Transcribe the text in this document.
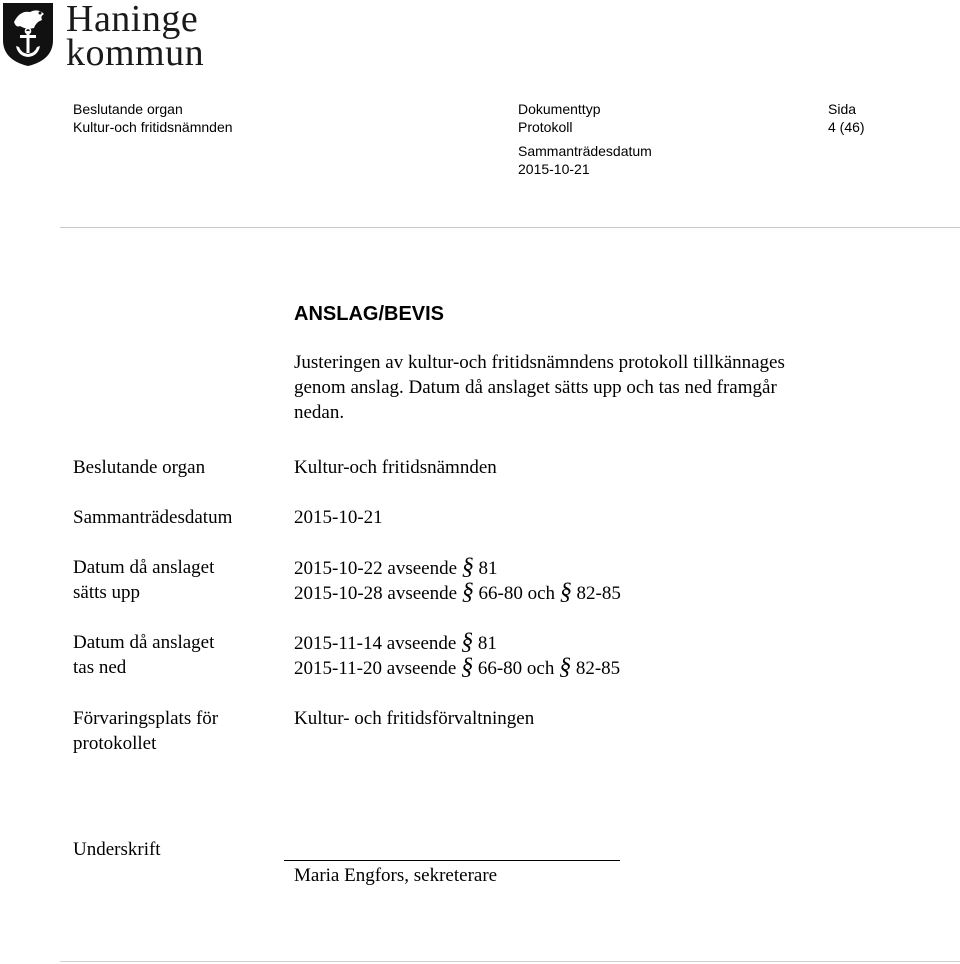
Haninge
kommun
Beslutande organ
Kultur-och fritidsnämnden
Dokumenttyp
Protokoll
Sida
4 (46)
Sammanträdesdatum
2015-10-21
ANSLAG/BEVIS
Justeringen av kultur-och fritidsnämndens protokoll tillkännages
genom anslag. Datum då anslaget sätts upp och tas ned framgår
nedan.
Beslutande organ	Kultur-och fritidsnämnden
Sammanträdesdatum	2015-10-21
Datum då anslaget
sätts upp
2015-10-22 avseende § 81
2015-10-28 avseende § 66-80 och § 82-85
Datum då anslaget
tas ned
2015-11-14 avseende § 81
2015-11-20 avseende § 66-80 och § 82-85
Förvaringsplats för
protokollet
Kultur- och fritidsförvaltningen
Underskrift
Maria Engfors, sekreterare
